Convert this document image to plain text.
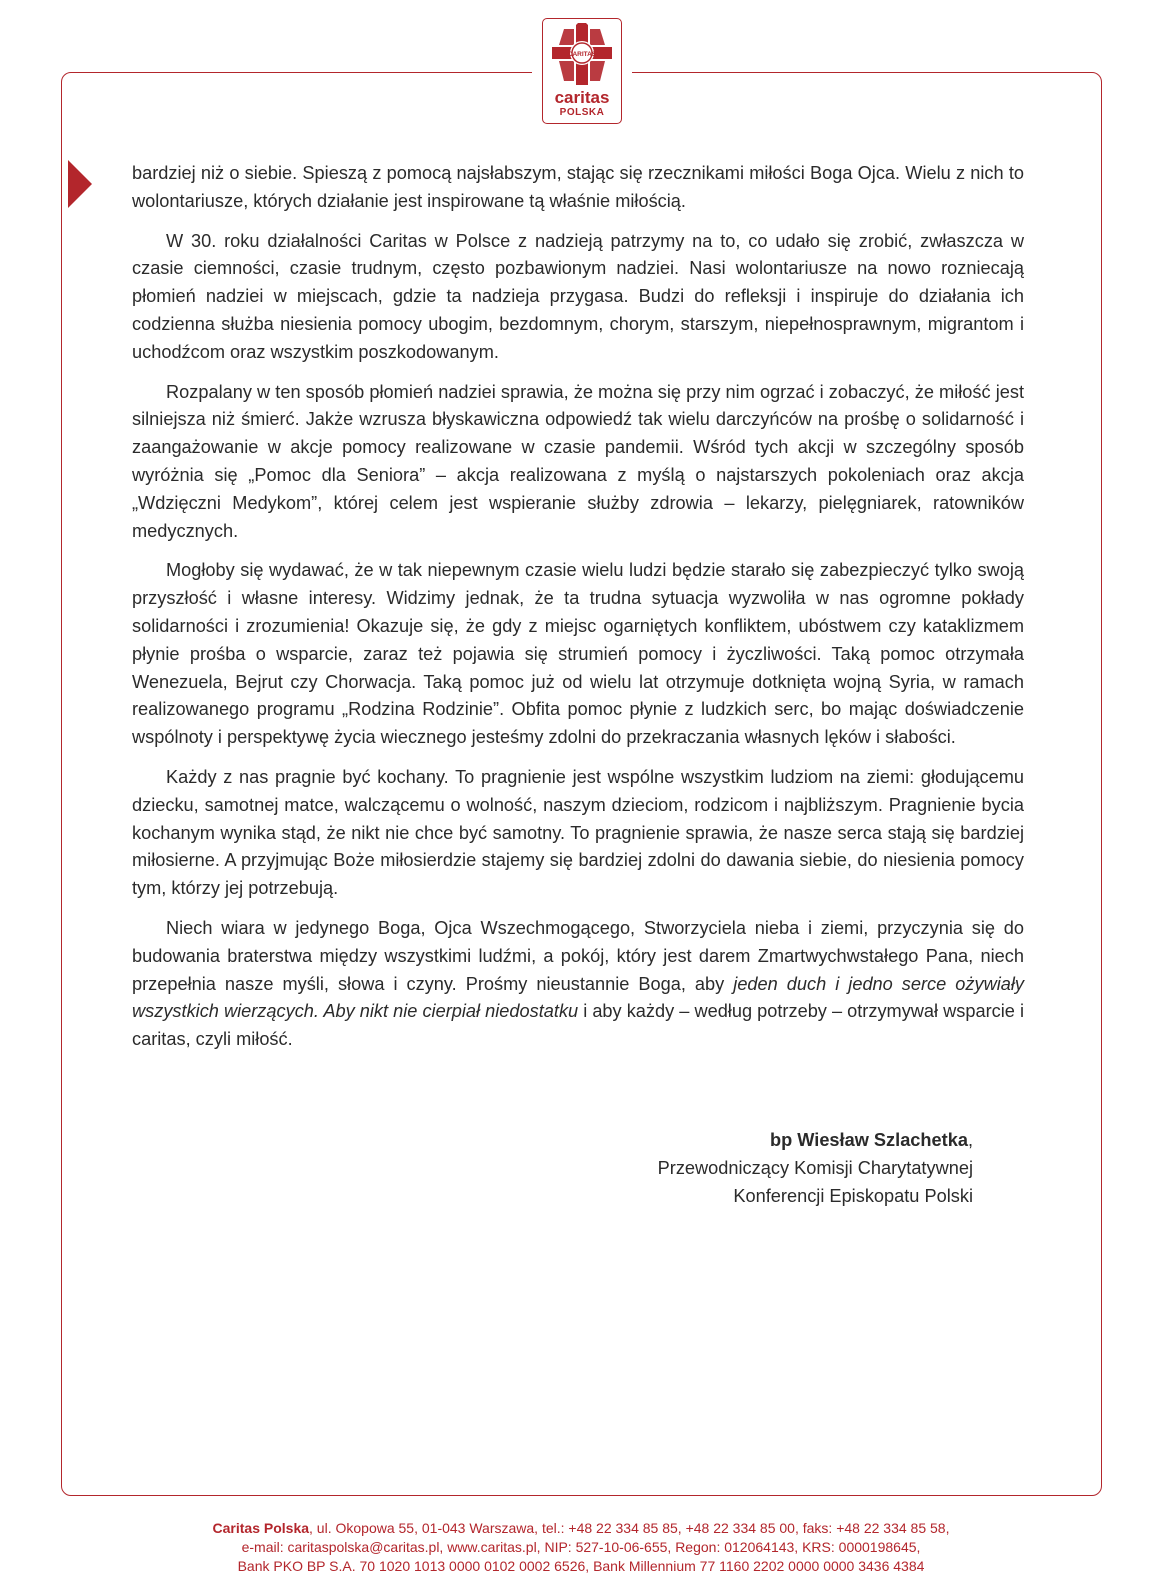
CARITAS
caritas
POLSKA

bardziej niż o siebie. Spieszą z pomocą najsłabszym, stając się rzecznikami miłości Boga Ojca. Wielu z nich to wolontariusze, których działanie jest inspirowane tą właśnie miłością.

W 30. roku działalności Caritas w Polsce z nadzieją patrzymy na to, co udało się zrobić, zwłaszcza w czasie ciemności, czasie trudnym, często pozbawionym nadziei. Nasi wolontariusze na nowo rozniecają płomień nadziei w miejscach, gdzie ta nadzieja przygasa. Budzi do refleksji i inspiruje do działania ich codzienna służba niesienia pomocy ubogim, bezdomnym, chorym, starszym, niepełnosprawnym, migrantom i uchodźcom oraz wszystkim poszkodowanym.

Rozpalany w ten sposób płomień nadziei sprawia, że można się przy nim ogrzać i zobaczyć, że miłość jest silniejsza niż śmierć. Jakże wzrusza błyskawiczna odpowiedź tak wielu darczyńców na prośbę o solidarność i zaangażowanie w akcje pomocy realizowane w czasie pandemii. Wśród tych akcji w szczególny sposób wyróżnia się „Pomoc dla Seniora” – akcja realizowana z myślą o najstarszych pokoleniach oraz akcja „Wdzięczni Medykom”, której celem jest wspieranie służby zdrowia – lekarzy, pielęgniarek, ratowników medycznych.

Mogłoby się wydawać, że w tak niepewnym czasie wielu ludzi będzie starało się zabezpieczyć tylko swoją przyszłość i własne interesy. Widzimy jednak, że ta trudna sytuacja wyzwoliła w nas ogromne pokłady solidarności i zrozumienia! Okazuje się, że gdy z miejsc ogarniętych konfliktem, ubóstwem czy kataklizmem płynie prośba o wsparcie, zaraz też pojawia się strumień pomocy i życzliwości. Taką pomoc otrzymała Wenezuela, Bejrut czy Chorwacja. Taką pomoc już od wielu lat otrzymuje dotknięta wojną Syria, w ramach realizowanego programu „Rodzina Rodzinie”. Obfita pomoc płynie z ludzkich serc, bo mając doświadczenie wspólnoty i perspektywę życia wiecznego jesteśmy zdolni do przekraczania własnych lęków i słabości.

Każdy z nas pragnie być kochany. To pragnienie jest wspólne wszystkim ludziom na ziemi: głodującemu dziecku, samotnej matce, walczącemu o wolność, naszym dzieciom, rodzicom i najbliższym. Pragnienie bycia kochanym wynika stąd, że nikt nie chce być samotny. To pragnienie sprawia, że nasze serca stają się bardziej miłosierne. A przyjmując Boże miłosierdzie stajemy się bardziej zdolni do dawania siebie, do niesienia pomocy tym, którzy jej potrzebują.

Niech wiara w jedynego Boga, Ojca Wszechmogącego, Stworzyciela nieba i ziemi, przyczynia się do budowania braterstwa między wszystkimi ludźmi, a pokój, który jest darem Zmartwychwstałego Pana, niech przepełnia nasze myśli, słowa i czyny. Prośmy nieustannie Boga, aby jeden duch i jedno serce ożywiały wszystkich wierzących. Aby nikt nie cierpiał niedostatku i aby każdy – według potrzeby – otrzymywał wsparcie i caritas, czyli miłość.

bp Wiesław Szlachetka,
Przewodniczący Komisji Charytatywnej
Konferencji Episkopatu Polski
Caritas Polska, ul. Okopowa 55, 01-043 Warszawa, tel.: +48 22 334 85 85, +48 22 334 85 00, faks: +48 22 334 85 58,
e-mail: caritaspolska@caritas.pl, www.caritas.pl, NIP: 527-10-06-655, Regon: 012064143, KRS: 0000198645,
Bank PKO BP S.A. 70 1020 1013 0000 0102 0002 6526, Bank Millennium 77 1160 2202 0000 0000 3436 4384
